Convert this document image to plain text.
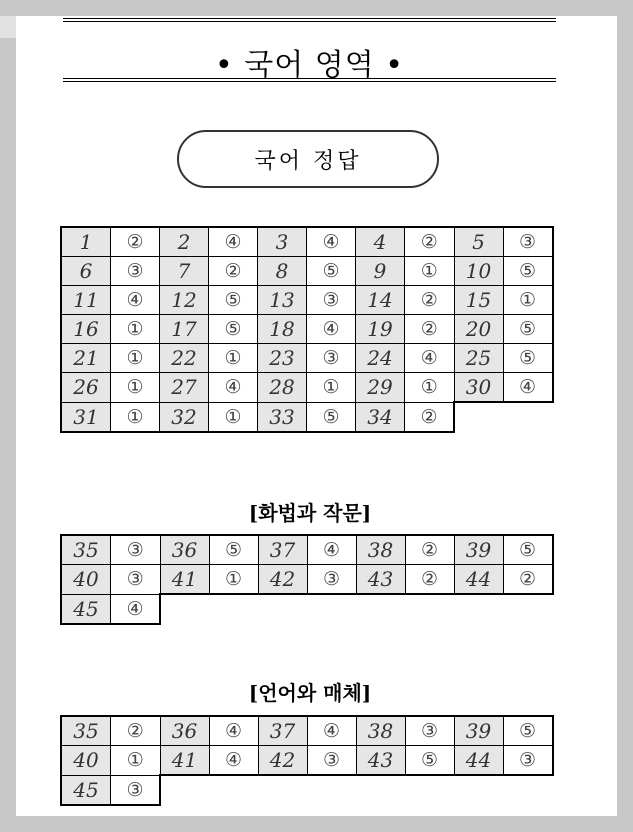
• 국어 영역 •
국어 정답
1	②	2	④	3	④	4	②	5	③
6	③	7	②	8	⑤	9	①	10	⑤
11	④	12	⑤	13	③	14	②	15	①
16	①	17	⑤	18	④	19	②	20	⑤
21	①	22	①	23	③	24	④	25	⑤
26	①	27	④	28	①	29	①	30	④
31	①	32	①	33	⑤	34	②		
[화법과 작문]
35	③	36	⑤	37	④	38	②	39	⑤
40	③	41	①	42	③	43	②	44	②
45	④								
[언어와 매체]
35	②	36	④	37	④	38	③	39	⑤
40	①	41	④	42	③	43	⑤	44	③
45	③								
